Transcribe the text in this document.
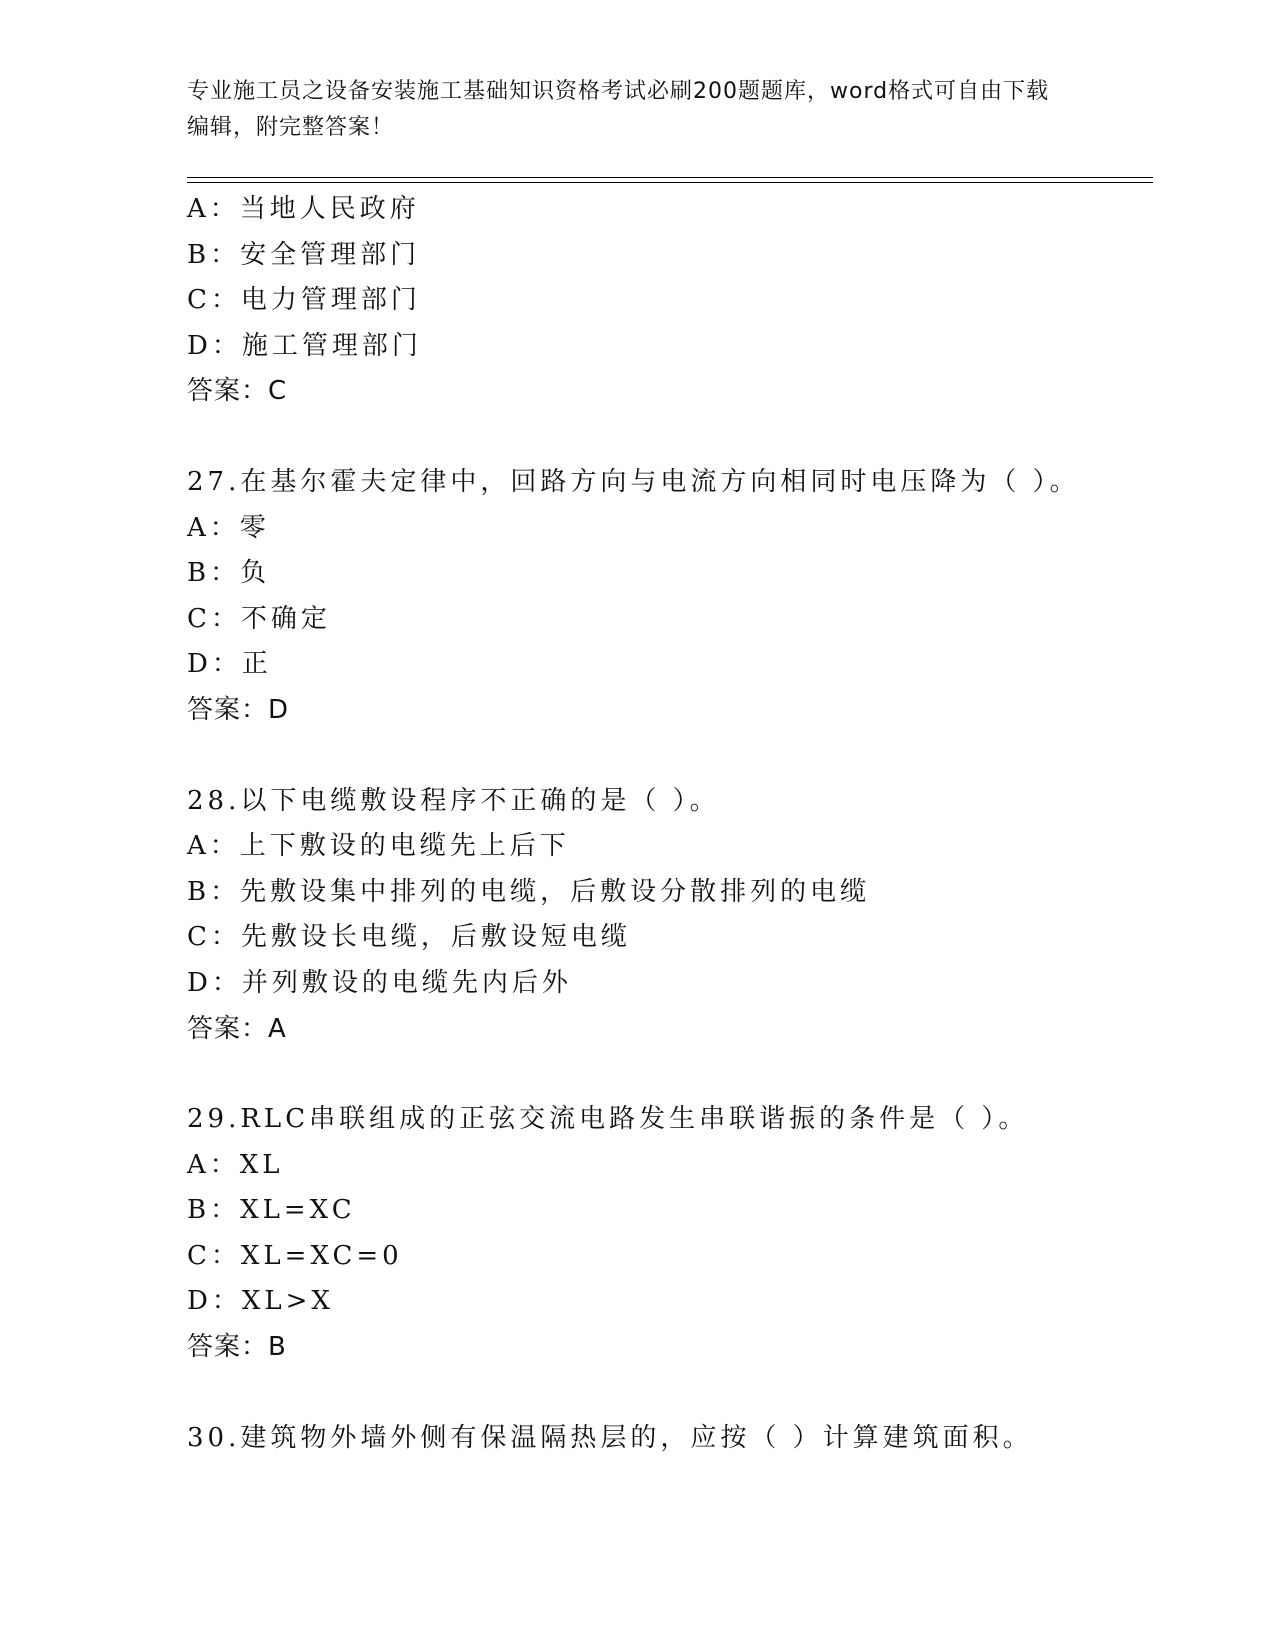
专业施工员之设备安装施工基础知识资格考试必刷200题题库，word格式可自由下载编辑，附完整答案！
A：当地人民政府
B：安全管理部门
C：电力管理部门
D：施工管理部门
答案：C
27.在基尔霍夫定律中，回路方向与电流方向相同时电压降为（ ）。
A：零
B：负
C：不确定
D：正
答案：D
28.以下电缆敷设程序不正确的是（ ）。
A：上下敷设的电缆先上后下
B：先敷设集中排列的电缆，后敷设分散排列的电缆
C：先敷设长电缆，后敷设短电缆
D：并列敷设的电缆先内后外
答案：A
29.RLC串联组成的正弦交流电路发生串联谐振的条件是（ ）。
A：XL
B：XL=XC
C：XL=XC=0
D：XL>X
答案：B
30.建筑物外墙外侧有保温隔热层的，应按（ ）计算建筑面积。
